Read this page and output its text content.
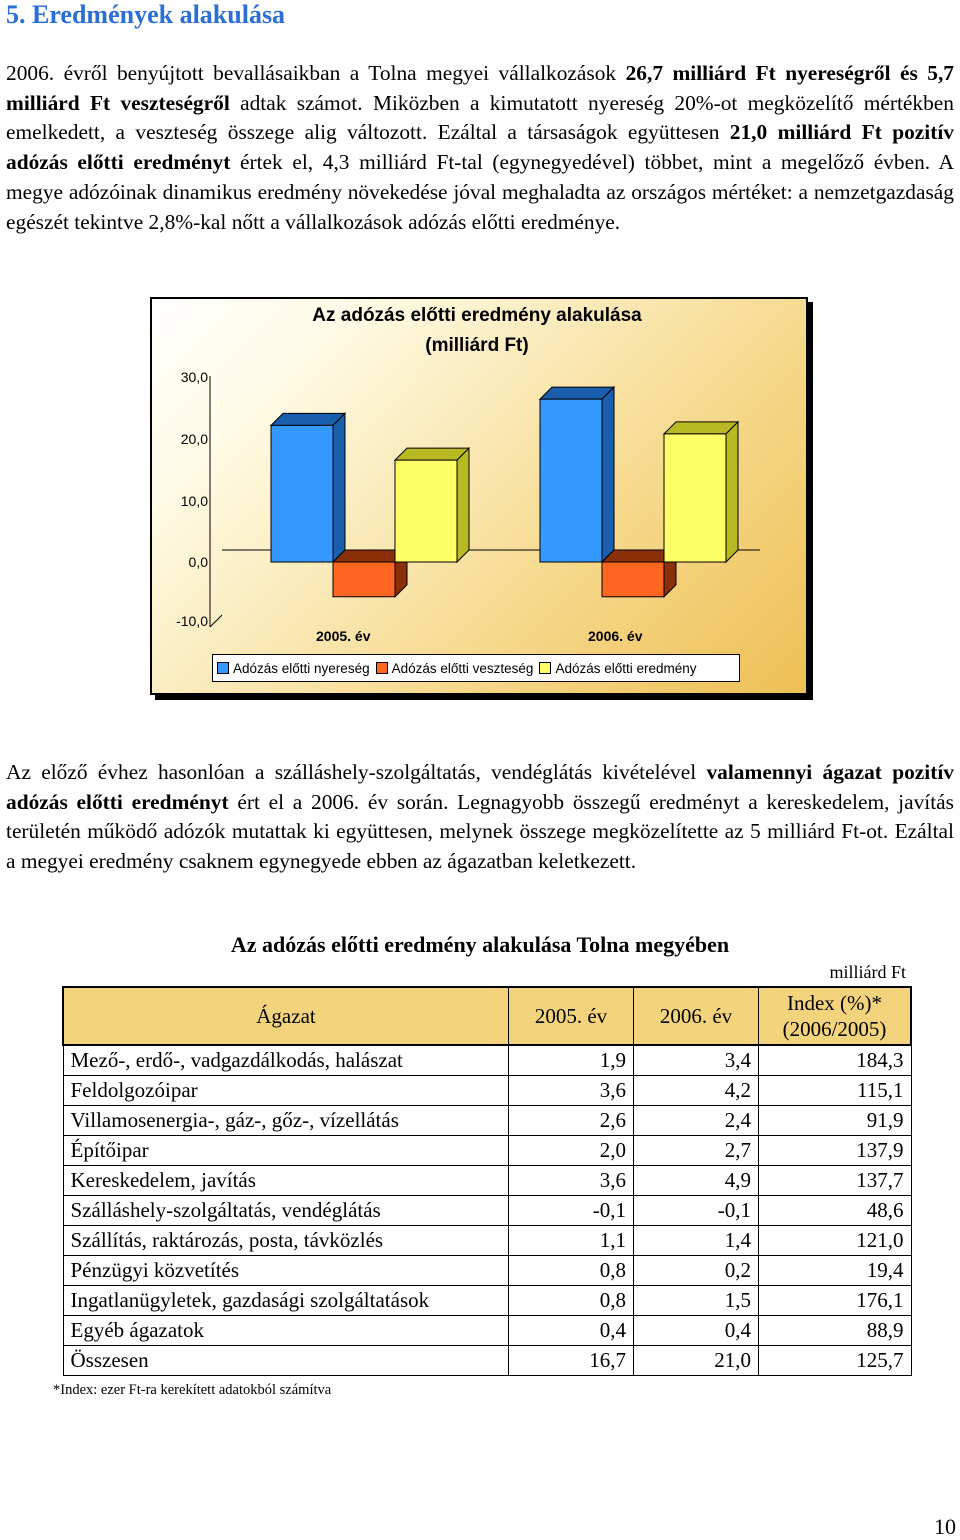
5. Eredmények alakulása
2006. évről benyújtott bevallásaikban a Tolna megyei vállalkozások 26,7 milliárd Ft nyereségről és 5,7 milliárd Ft veszteségről adtak számot. Miközben a kimutatott nyereség 20%-ot megközelítő mértékben emelkedett, a veszteség összege alig változott. Ezáltal a társaságok együttesen 21,0 milliárd Ft pozitív adózás előtti eredményt értek el, 4,3 milliárd Ft-tal (egynegyedével) többet, mint a megelőző évben. A megye adózóinak dinamikus eredmény növekedése jóval meghaladta az országos mértéket: a nemzetgazdaság egészét tekintve 2,8%-kal nőtt a vállalkozások adózás előtti eredménye.
Az adózás előtti eredmény alakulása
(milliárd Ft)
30,0
20,0
10,0
0,0
-10,0
2005. év	2006. év
Adózás előtti nyereség Adózás előtti veszteség Adózás előtti eredmény
Az előző évhez hasonlóan a szálláshely-szolgáltatás, vendéglátás kivételével valamennyi ágazat pozitív adózás előtti eredményt ért el a 2006. év során. Legnagyobb összegű eredményt a kereskedelem, javítás területén működő adózók mutattak ki együttesen, melynek összege megközelítette az 5 milliárd Ft-ot. Ezáltal a megyei eredmény csaknem egynegyede ebben az ágazatban keletkezett.
Az adózás előtti eredmény alakulása Tolna megyében
milliárd Ft
Ágazat	2005. év	2006. év	Index (%)*
(2006/2005)
Mező-, erdő-, vadgazdálkodás, halászat	1,9	3,4	184,3
Feldolgozóipar	3,6	4,2	115,1
Villamosenergia-, gáz-, gőz-, vízellátás	2,6	2,4	91,9
Építőipar	2,0	2,7	137,9
Kereskedelem, javítás	3,6	4,9	137,7
Szálláshely-szolgáltatás, vendéglátás	-0,1	-0,1	48,6
Szállítás, raktározás, posta, távközlés	1,1	1,4	121,0
Pénzügyi közvetítés	0,8	0,2	19,4
Ingatlanügyletek, gazdasági szolgáltatások	0,8	1,5	176,1
Egyéb ágazatok	0,4	0,4	88,9
Összesen	16,7	21,0	125,7
*Index: ezer Ft-ra kerekített adatokból számítva
10
